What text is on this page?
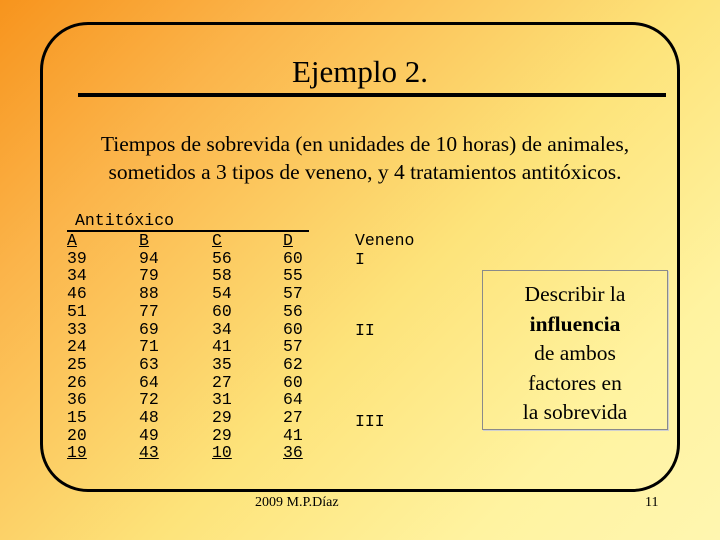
Ejemplo 2.
Tiempos de sobrevida (en unidades de 10 horas) de animales,
sometidos a 3 tipos de veneno, y 4 tratamientos antitóxicos.
Antitóxico
A
39
34
46
51
33
24
25
26
36
15
20
19
B
94
79
88
77
69
71
63
64
72
48
49
43
C
56
58
54
60
34
41
35
27
31
29
29
10
D
60
55
57
56
60
57
62
60
64
27
41
36
Veneno
I
II
III
Describir la
influencia
de ambos
factores en
la sobrevida
2009 M.P.Díaz	11
